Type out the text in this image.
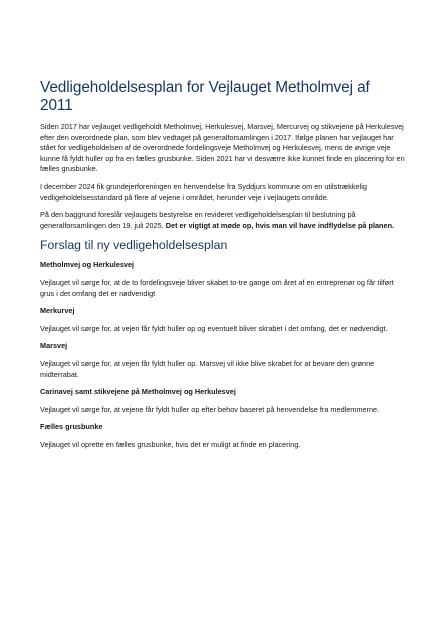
Vedligeholdelsesplan for Vejlauget Metholmvej af 2011

Siden 2017 har vejlauget vedligeholdt Metholmvej, Herkulesvej, Marsvej, Mercurvej og stikvejene på Herkulesvej efter den overordnede plan, som blev vedtaget på generalforsamlingen i 2017. Ifølge planen har vejlauget har stået for vedligeholdelsen af de overordnede fordelingsveje Metholmvej og Herkulesvej, mens de øvrige veje kunne få fyldt huller op fra en fælles grusbunke. Siden 2021 har vi desværre ikke kunnet finde en placering for en fælles grusbunke.

I december 2024 fik grundejerforeningen en henvendelse fra Syddjurs kommune om en utilstrækkelig vedligeholdelsesstandard på flere af vejene i området, herunder veje i vejlaugets område.

På den baggrund foreslår vejlaugets bestyrelse en revideret vedligeholdelsesplan til beslutning på generalforsamlingen den 19. juli 2025. Det er vigtigt at møde op, hvis man vil have indflydelse på planen.

Forslag til ny vedligeholdelsesplan
Metholmvej og Herkulesvej

Vejlauget vil sørge for, at de to fordelingsveje bliver skabet to-tre gange om året af en entreprenør og får tilført grus i det omfang det er nødvendigt

Merkurvej

Vejlauget vil sørge for, at vejen får fyldt huller op og eventuelt bliver skrabet i det omfang, det er nødvendigt.

Marsvej

Vejlauget vil sørge for, at vejen får fyldt huller op. Marsvej vil ikke blive skrabet for at bevare den grønne midterrabat.

Carinavej samt stikvejene på Metholmvej og Herkulesvej

Vejlauget vil sørge for, at vejene får fyldt huller op efter behov baseret på henvendelse fra medlemmerne.

Fælles grusbunke

Vejlauget vil oprette en fælles grusbunke, hvis det er muligt at finde en placering.
